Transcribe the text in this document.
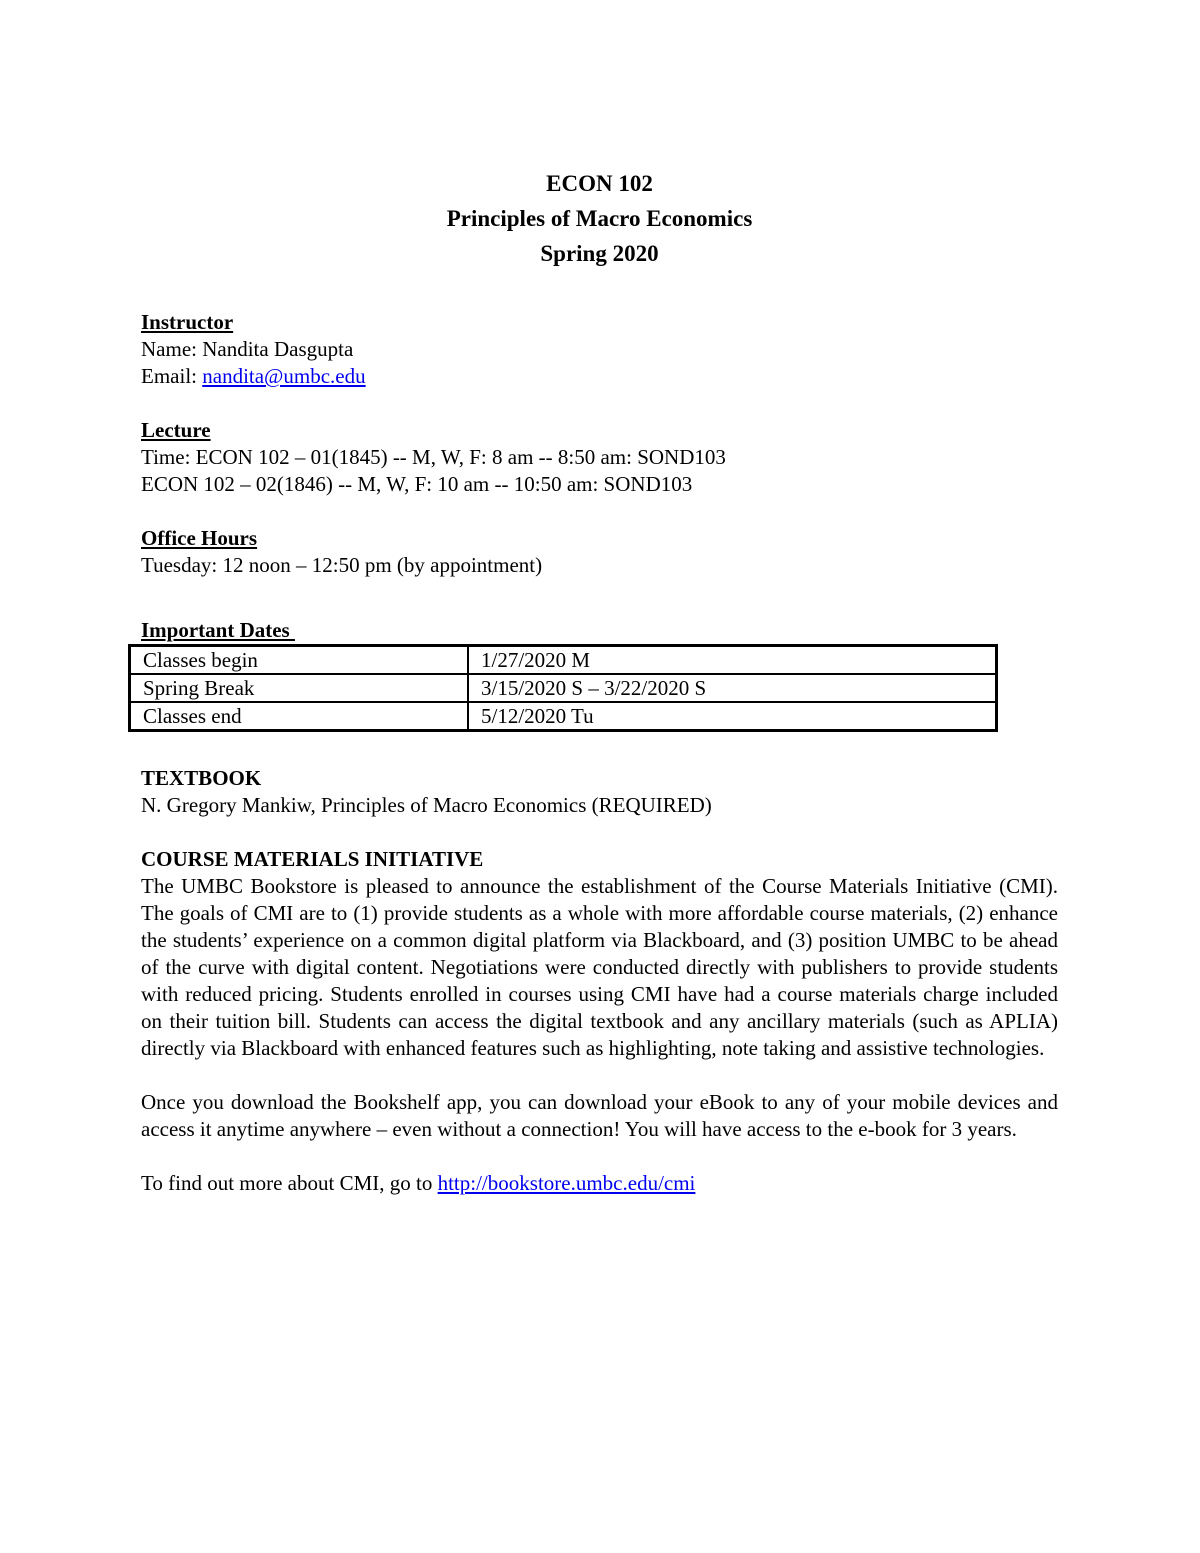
ECON 102
Principles of Macro Economics
Spring 2020
Instructor
Name: Nandita Dasgupta
Email: nandita@umbc.edu
Lecture
Time: ECON 102 – 01(1845) -- M, W, F: 8 am -- 8:50 am: SOND103
ECON 102 – 02(1846) -- M, W, F: 10 am -- 10:50 am: SOND103
Office Hours
Tuesday: 12 noon – 12:50 pm (by appointment)
Important Dates
Classes begin	1/27/2020 M
Spring Break	3/15/2020 S – 3/22/2020 S
Classes end	5/12/2020 Tu
TEXTBOOK
N. Gregory Mankiw, Principles of Macro Economics (REQUIRED)
COURSE MATERIALS INITIATIVE
The UMBC Bookstore is pleased to announce the establishment of the Course Materials Initiative (CMI). The goals of CMI are to (1) provide students as a whole with more affordable course materials, (2) enhance the students’ experience on a common digital platform via Blackboard, and (3) position UMBC to be ahead of the curve with digital content. Negotiations were conducted directly with publishers to provide students with reduced pricing. Students enrolled in courses using CMI have had a course materials charge included on their tuition bill. Students can access the digital textbook and any ancillary materials (such as APLIA) directly via Blackboard with enhanced features such as highlighting, note taking and assistive technologies.
Once you download the Bookshelf app, you can download your eBook to any of your mobile devices and access it anytime anywhere – even without a connection! You will have access to the e-book for 3 years.
To find out more about CMI, go to http://bookstore.umbc.edu/cmi
